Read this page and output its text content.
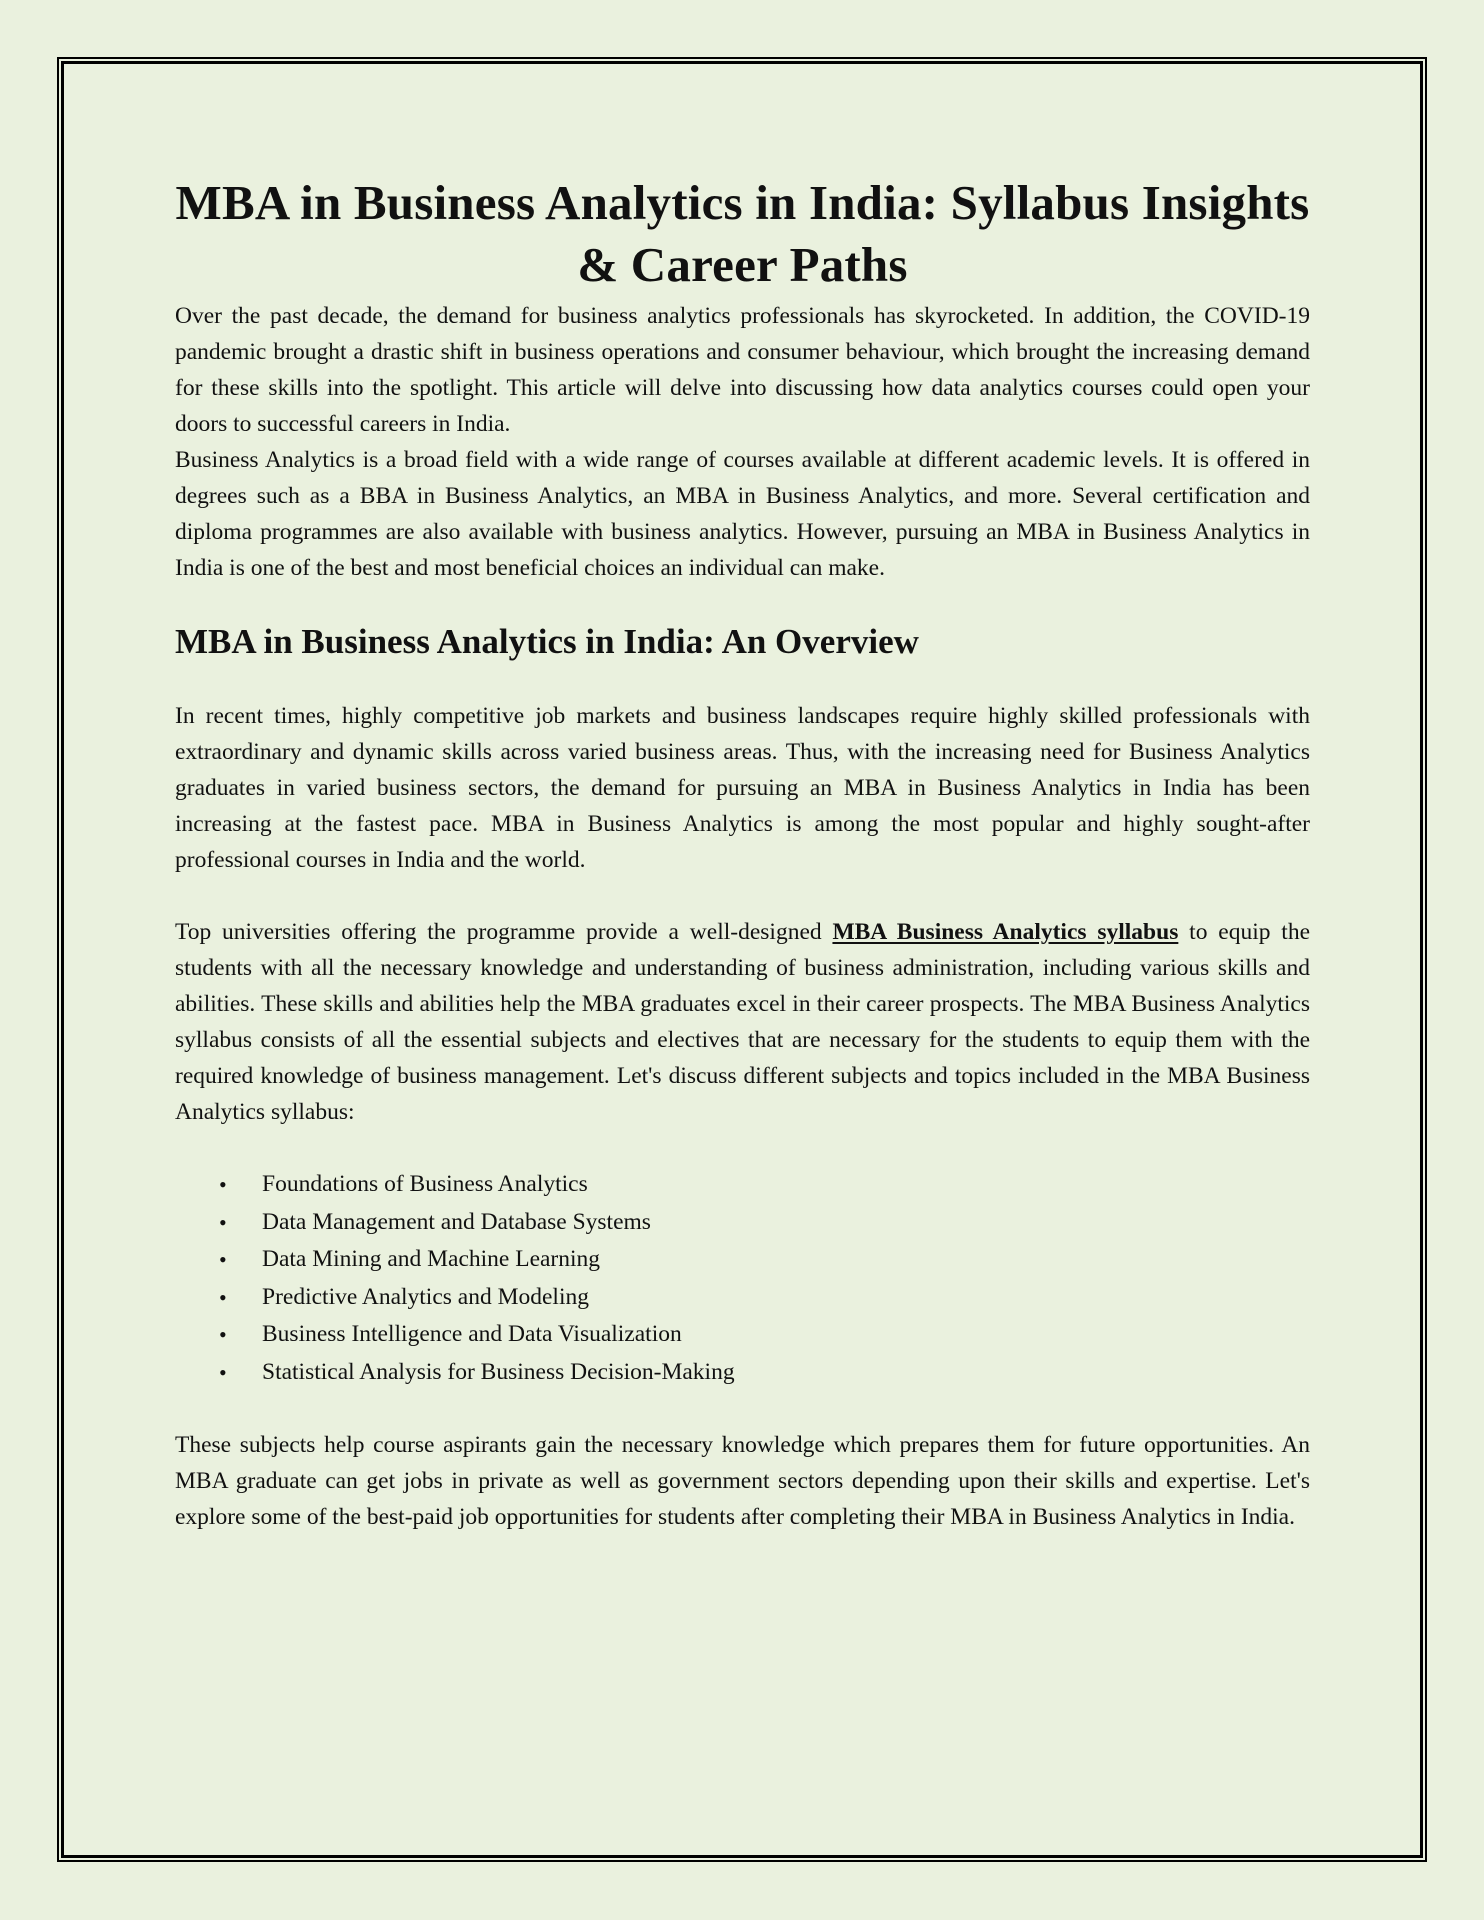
MBA in Business Analytics in India: Syllabus Insights & Career Paths

Over the past decade, the demand for business analytics professionals has skyrocketed. In addition, the COVID-19 pandemic brought a drastic shift in business operations and consumer behaviour, which brought the increasing demand for these skills into the spotlight. This article will delve into discussing how data analytics courses could open your doors to successful careers in India.

Business Analytics is a broad field with a wide range of courses available at different academic levels. It is offered in degrees such as a BBA in Business Analytics, an MBA in Business Analytics, and more. Several certification and diploma programmes are also available with business analytics. However, pursuing an MBA in Business Analytics in India is one of the best and most beneficial choices an individual can make.

MBA in Business Analytics in India: An Overview

In recent times, highly competitive job markets and business landscapes require highly skilled professionals with extraordinary and dynamic skills across varied business areas. Thus, with the increasing need for Business Analytics graduates in varied business sectors, the demand for pursuing an MBA in Business Analytics in India has been increasing at the fastest pace. MBA in Business Analytics is among the most popular and highly sought-after professional courses in India and the world.

Top universities offering the programme provide a well-designed MBA Business Analytics syllabus to equip the students with all the necessary knowledge and understanding of business administration, including various skills and abilities. These skills and abilities help the MBA graduates excel in their career prospects. The MBA Business Analytics syllabus consists of all the essential subjects and electives that are necessary for the students to equip them with the required knowledge of business management. Let's discuss different subjects and topics included in the MBA Business Analytics syllabus:

• Foundations of Business Analytics
• Data Management and Database Systems
• Data Mining and Machine Learning
• Predictive Analytics and Modeling
• Business Intelligence and Data Visualization
• Statistical Analysis for Business Decision-Making

These subjects help course aspirants gain the necessary knowledge which prepares them for future opportunities. An MBA graduate can get jobs in private as well as government sectors depending upon their skills and expertise. Let's explore some of the best-paid job opportunities for students after completing their MBA in Business Analytics in India.
